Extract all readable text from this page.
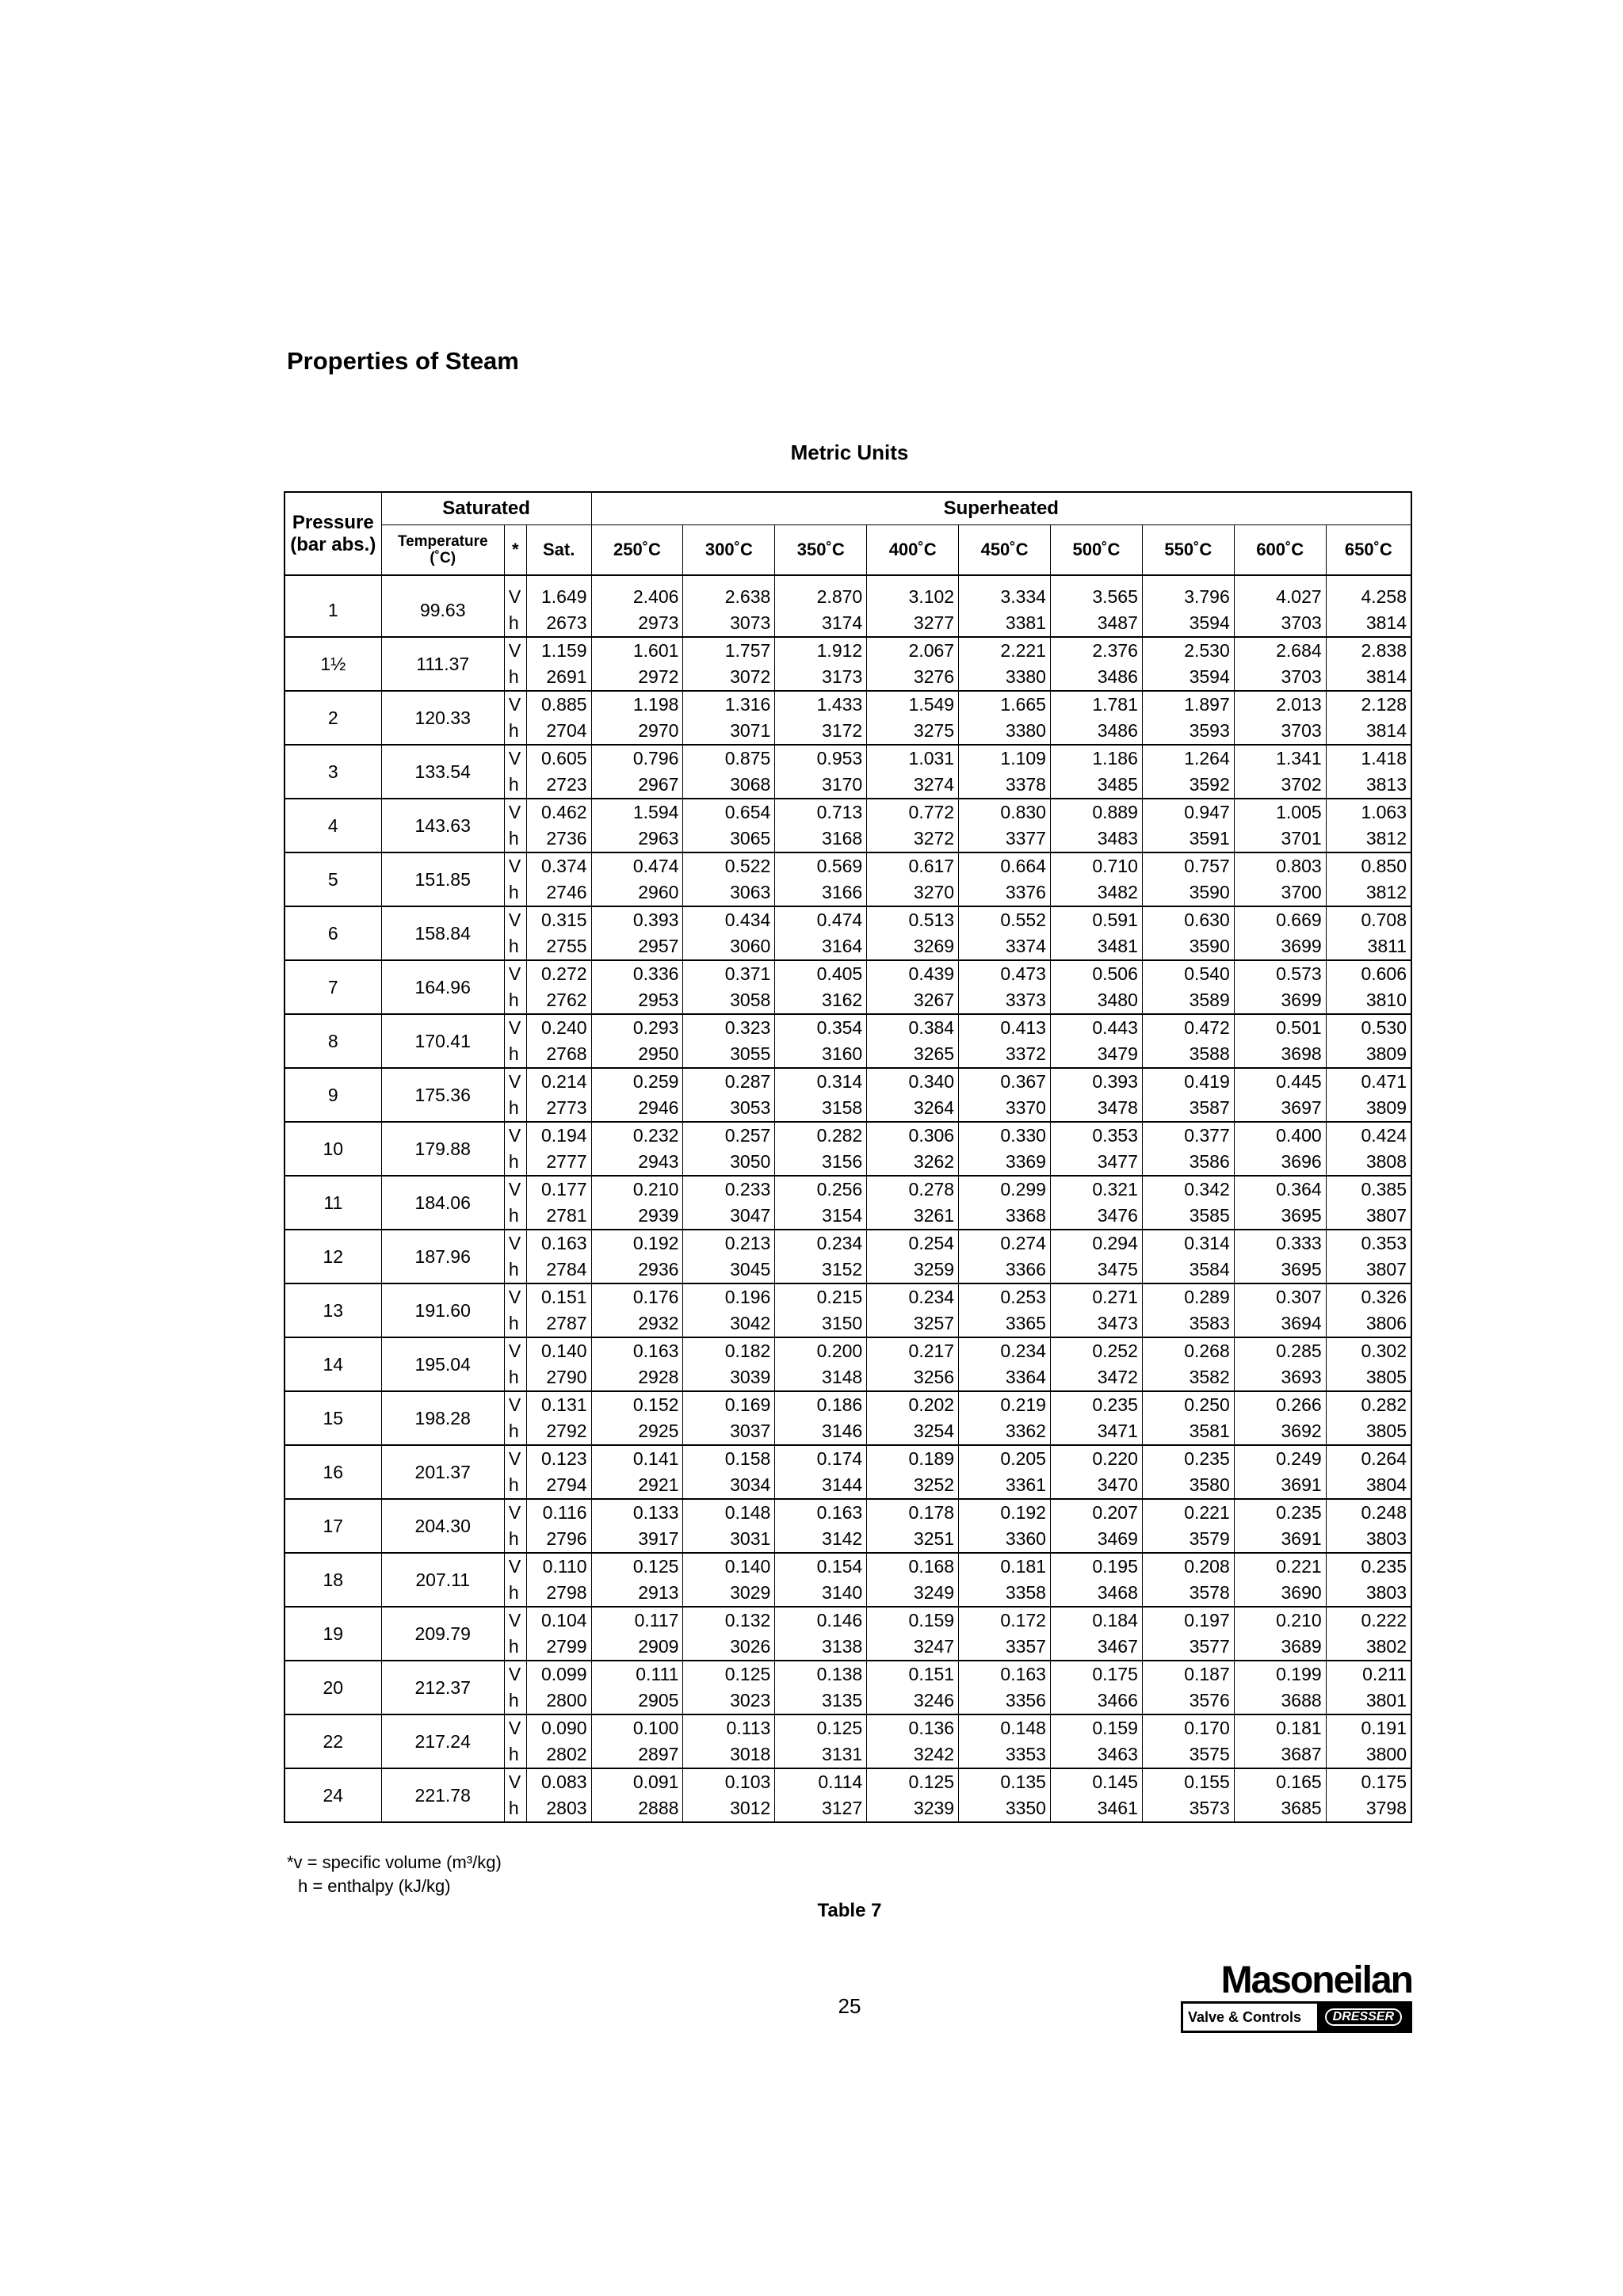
Properties of Steam
Metric Units
Pressure (bar abs.)	Saturated			Superheated								
	Temperature (˚C)	*	Sat.	250˚C	300˚C	350˚C	400˚C	450˚C	500˚C	550˚C	600˚C	650˚C

1	99.63	V	1.649	2.406	2.638	2.870	3.102	3.334	3.565	3.796	4.027	4.258
		h	2673	2973	3073	3174	3277	3381	3487	3594	3703	3814
1½	111.37	V	1.159	1.601	1.757	1.912	2.067	2.221	2.376	2.530	2.684	2.838
		h	2691	2972	3072	3173	3276	3380	3486	3594	3703	3814
2	120.33	V	0.885	1.198	1.316	1.433	1.549	1.665	1.781	1.897	2.013	2.128
		h	2704	2970	3071	3172	3275	3380	3486	3593	3703	3814
3	133.54	V	0.605	0.796	0.875	0.953	1.031	1.109	1.186	1.264	1.341	1.418
		h	2723	2967	3068	3170	3274	3378	3485	3592	3702	3813
4	143.63	V	0.462	1.594	0.654	0.713	0.772	0.830	0.889	0.947	1.005	1.063
		h	2736	2963	3065	3168	3272	3377	3483	3591	3701	3812
5	151.85	V	0.374	0.474	0.522	0.569	0.617	0.664	0.710	0.757	0.803	0.850
		h	2746	2960	3063	3166	3270	3376	3482	3590	3700	3812
6	158.84	V	0.315	0.393	0.434	0.474	0.513	0.552	0.591	0.630	0.669	0.708
		h	2755	2957	3060	3164	3269	3374	3481	3590	3699	3811
7	164.96	V	0.272	0.336	0.371	0.405	0.439	0.473	0.506	0.540	0.573	0.606
		h	2762	2953	3058	3162	3267	3373	3480	3589	3699	3810
8	170.41	V	0.240	0.293	0.323	0.354	0.384	0.413	0.443	0.472	0.501	0.530
		h	2768	2950	3055	3160	3265	3372	3479	3588	3698	3809
9	175.36	V	0.214	0.259	0.287	0.314	0.340	0.367	0.393	0.419	0.445	0.471
		h	2773	2946	3053	3158	3264	3370	3478	3587	3697	3809
10	179.88	V	0.194	0.232	0.257	0.282	0.306	0.330	0.353	0.377	0.400	0.424
		h	2777	2943	3050	3156	3262	3369	3477	3586	3696	3808
11	184.06	V	0.177	0.210	0.233	0.256	0.278	0.299	0.321	0.342	0.364	0.385
		h	2781	2939	3047	3154	3261	3368	3476	3585	3695	3807
12	187.96	V	0.163	0.192	0.213	0.234	0.254	0.274	0.294	0.314	0.333	0.353
		h	2784	2936	3045	3152	3259	3366	3475	3584	3695	3807
13	191.60	V	0.151	0.176	0.196	0.215	0.234	0.253	0.271	0.289	0.307	0.326
		h	2787	2932	3042	3150	3257	3365	3473	3583	3694	3806
14	195.04	V	0.140	0.163	0.182	0.200	0.217	0.234	0.252	0.268	0.285	0.302
		h	2790	2928	3039	3148	3256	3364	3472	3582	3693	3805
15	198.28	V	0.131	0.152	0.169	0.186	0.202	0.219	0.235	0.250	0.266	0.282
		h	2792	2925	3037	3146	3254	3362	3471	3581	3692	3805
16	201.37	V	0.123	0.141	0.158	0.174	0.189	0.205	0.220	0.235	0.249	0.264
		h	2794	2921	3034	3144	3252	3361	3470	3580	3691	3804
17	204.30	V	0.116	0.133	0.148	0.163	0.178	0.192	0.207	0.221	0.235	0.248
		h	2796	3917	3031	3142	3251	3360	3469	3579	3691	3803
18	207.11	V	0.110	0.125	0.140	0.154	0.168	0.181	0.195	0.208	0.221	0.235
		h	2798	2913	3029	3140	3249	3358	3468	3578	3690	3803
19	209.79	V	0.104	0.117	0.132	0.146	0.159	0.172	0.184	0.197	0.210	0.222
		h	2799	2909	3026	3138	3247	3357	3467	3577	3689	3802
20	212.37	V	0.099	0.111	0.125	0.138	0.151	0.163	0.175	0.187	0.199	0.211
		h	2800	2905	3023	3135	3246	3356	3466	3576	3688	3801
22	217.24	V	0.090	0.100	0.113	0.125	0.136	0.148	0.159	0.170	0.181	0.191
		h	2802	2897	3018	3131	3242	3353	3463	3575	3687	3800
24	221.78	V	0.083	0.091	0.103	0.114	0.125	0.135	0.145	0.155	0.165	0.175
		h	2803	2888	3012	3127	3239	3350	3461	3573	3685	3798
*v = specific volume (m³/kg)
h = enthalpy (kJ/kg)
Table 7
25
Masoneilan
Valve & Controls	DRESSER
